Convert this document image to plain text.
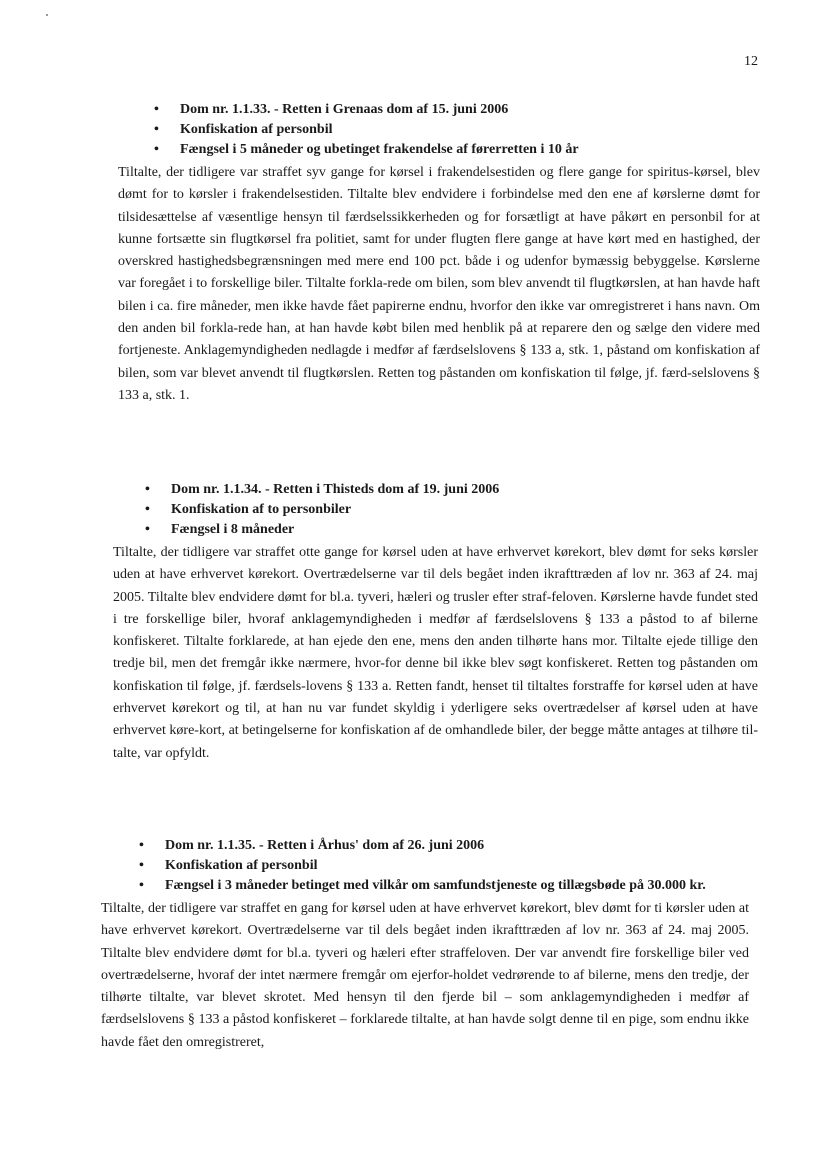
12
• Dom nr. 1.1.33. - Retten i Grenaas dom af 15. juni 2006
• Konfiskation af personbil
• Fængsel i 5 måneder og ubetinget frakendelse af førerretten i 10 år

Tiltalte, der tidligere var straffet syv gange for kørsel i frakendelsestiden og flere gange for spiritus-kørsel, blev dømt for to kørsler i frakendelsestiden. Tiltalte blev endvidere i forbindelse med den ene af kørslerne dømt for tilsidesættelse af væsentlige hensyn til færdselssikkerheden og for forsætligt at have påkørt en personbil for at kunne fortsætte sin flugtkørsel fra politiet, samt for under flugten flere gange at have kørt med en hastighed, der overskred hastighedsbegrænsningen med mere end 100 pct. både i og udenfor bymæssig bebyggelse. Kørslerne var foregået i to forskellige biler. Tiltalte forkla-rede om bilen, som blev anvendt til flugtkørslen, at han havde haft bilen i ca. fire måneder, men ikke havde fået papirerne endnu, hvorfor den ikke var omregistreret i hans navn. Om den anden bil forkla-rede han, at han havde købt bilen med henblik på at reparere den og sælge den videre med fortjeneste. Anklagemyndigheden nedlagde i medfør af færdselslovens § 133 a, stk. 1, påstand om konfiskation af bilen, som var blevet anvendt til flugtkørslen. Retten tog påstanden om konfiskation til følge, jf. færd-selslovens § 133 a, stk. 1.

• Dom nr. 1.1.34. - Retten i Thisteds dom af 19. juni 2006
• Konfiskation af to personbiler
• Fængsel i 8 måneder

Tiltalte, der tidligere var straffet otte gange for kørsel uden at have erhvervet kørekort, blev dømt for seks kørsler uden at have erhvervet kørekort. Overtrædelserne var til dels begået inden ikrafttræden af lov nr. 363 af 24. maj 2005. Tiltalte blev endvidere dømt for bl.a. tyveri, hæleri og trusler efter straf-feloven. Kørslerne havde fundet sted i tre forskellige biler, hvoraf anklagemyndigheden i medfør af færdselslovens § 133 a påstod to af bilerne konfiskeret. Tiltalte forklarede, at han ejede den ene, mens den anden tilhørte hans mor. Tiltalte ejede tillige den tredje bil, men det fremgår ikke nærmere, hvor-for denne bil ikke blev søgt konfiskeret. Retten tog påstanden om konfiskation til følge, jf. færdsels-lovens § 133 a. Retten fandt, henset til tiltaltes forstraffe for kørsel uden at have erhvervet kørekort og til, at han nu var fundet skyldig i yderligere seks overtrædelser af kørsel uden at have erhvervet køre-kort, at betingelserne for konfiskation af de omhandlede biler, der begge måtte antages at tilhøre til-talte, var opfyldt.

• Dom nr. 1.1.35. - Retten i Århus' dom af 26. juni 2006
• Konfiskation af personbil
• Fængsel i 3 måneder betinget med vilkår om samfundstjeneste og tillægsbøde på 30.000 kr.

Tiltalte, der tidligere var straffet en gang for kørsel uden at have erhvervet kørekort, blev dømt for ti kørsler uden at have erhvervet kørekort. Overtrædelserne var til dels begået inden ikrafttræden af lov nr. 363 af 24. maj 2005. Tiltalte blev endvidere dømt for bl.a. tyveri og hæleri efter straffeloven. Der var anvendt fire forskellige biler ved overtrædelserne, hvoraf der intet nærmere fremgår om ejerfor-holdet vedrørende to af bilerne, mens den tredje, der tilhørte tiltalte, var blevet skrotet. Med hensyn til den fjerde bil – som anklagemyndigheden i medfør af færdselslovens § 133 a påstod konfiskeret – forklarede tiltalte, at han havde solgt denne til en pige, som endnu ikke havde fået den omregistreret,
